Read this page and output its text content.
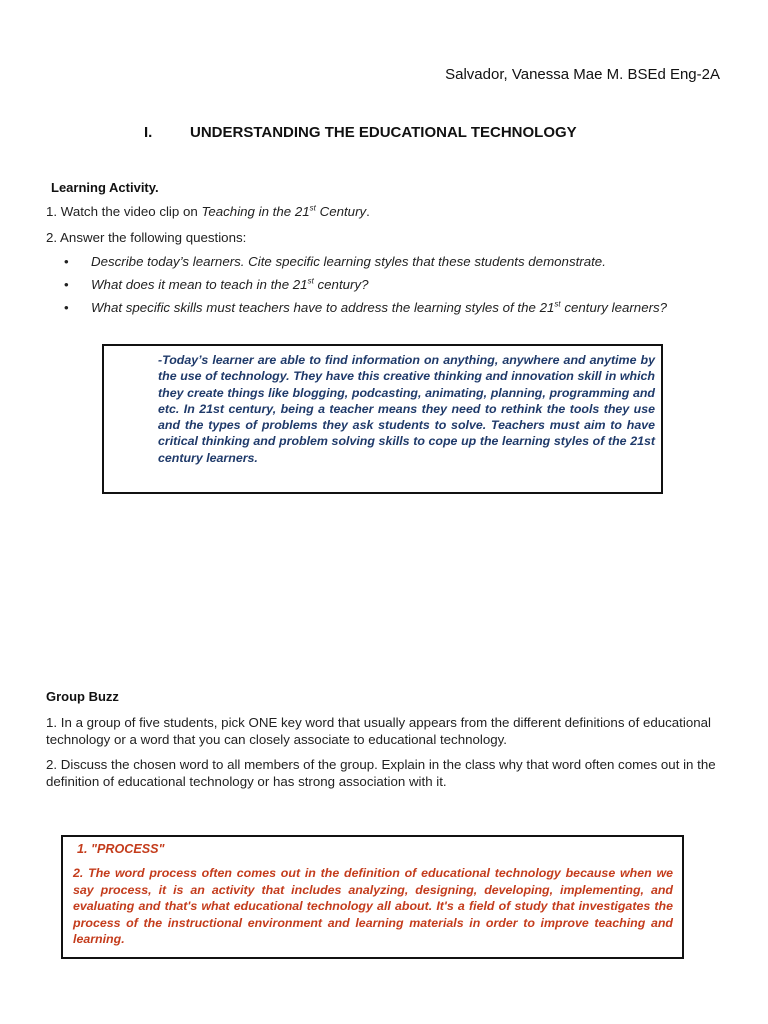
Salvador, Vanessa Mae M. BSEd Eng-2A
I.	UNDERSTANDING THE EDUCATIONAL TECHNOLOGY
Learning Activity.
1. Watch the video clip on Teaching in the 21st Century.
2. Answer the following questions:
• Describe today’s learners. Cite specific learning styles that these students demonstrate.
• What does it mean to teach in the 21st century?
• What specific skills must teachers have to address the learning styles of the 21st century learners?
-Today’s learner are able to find information on anything, anywhere and anytime by the use of technology. They have this creative thinking and innovation skill in which they create things like blogging, podcasting, animating, planning, programming and etc. In 21st century, being a teacher means they need to rethink the tools they use and the types of problems they ask students to solve. Teachers must aim to have critical thinking and problem solving skills to cope up the learning styles of the 21st century learners.
Group Buzz
1. In a group of five students, pick ONE key word that usually appears from the different definitions of educational technology or a word that you can closely associate to educational technology.
2. Discuss the chosen word to all members of the group. Explain in the class why that word often comes out in the definition of educational technology or has strong association with it.
1. "PROCESS"
2. The word process often comes out in the definition of educational technology because when we say process, it is an activity that includes analyzing, designing, developing, implementing, and evaluating and that's what educational technology all about. It's a field of study that investigates the process of the instructional environment and learning materials in order to improve teaching and learning.
